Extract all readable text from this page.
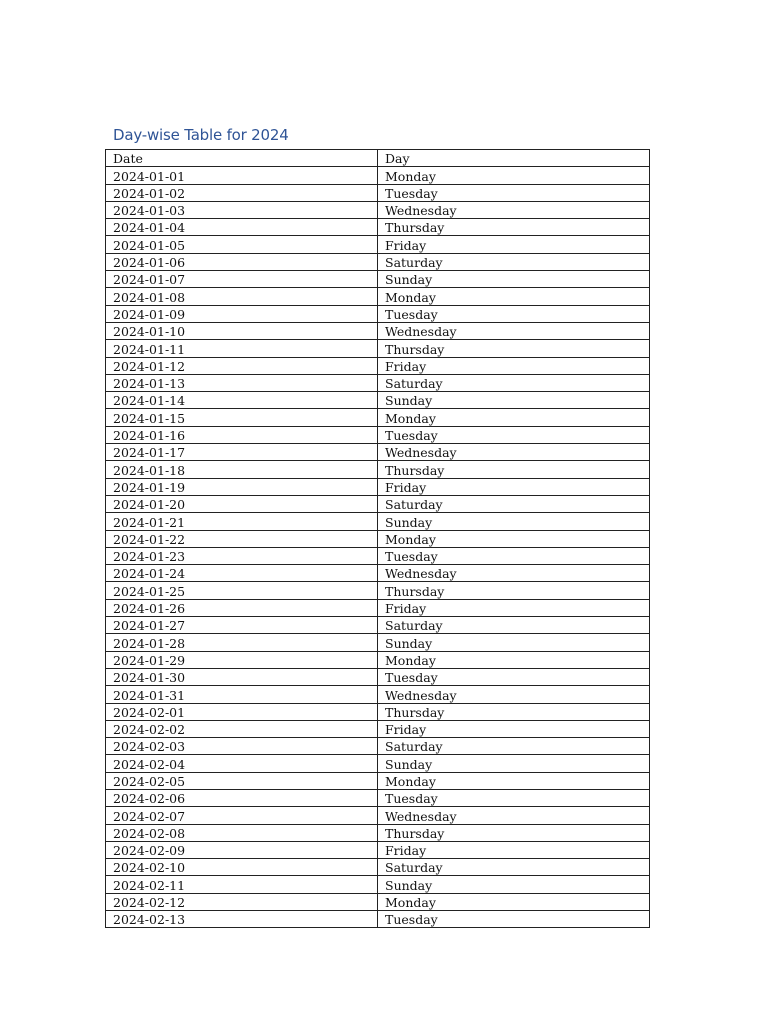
Day-wise Table for 2024
Date	Day
2024-01-01	Monday
2024-01-02	Tuesday
2024-01-03	Wednesday
2024-01-04	Thursday
2024-01-05	Friday
2024-01-06	Saturday
2024-01-07	Sunday
2024-01-08	Monday
2024-01-09	Tuesday
2024-01-10	Wednesday
2024-01-11	Thursday
2024-01-12	Friday
2024-01-13	Saturday
2024-01-14	Sunday
2024-01-15	Monday
2024-01-16	Tuesday
2024-01-17	Wednesday
2024-01-18	Thursday
2024-01-19	Friday
2024-01-20	Saturday
2024-01-21	Sunday
2024-01-22	Monday
2024-01-23	Tuesday
2024-01-24	Wednesday
2024-01-25	Thursday
2024-01-26	Friday
2024-01-27	Saturday
2024-01-28	Sunday
2024-01-29	Monday
2024-01-30	Tuesday
2024-01-31	Wednesday
2024-02-01	Thursday
2024-02-02	Friday
2024-02-03	Saturday
2024-02-04	Sunday
2024-02-05	Monday
2024-02-06	Tuesday
2024-02-07	Wednesday
2024-02-08	Thursday
2024-02-09	Friday
2024-02-10	Saturday
2024-02-11	Sunday
2024-02-12	Monday
2024-02-13	Tuesday
